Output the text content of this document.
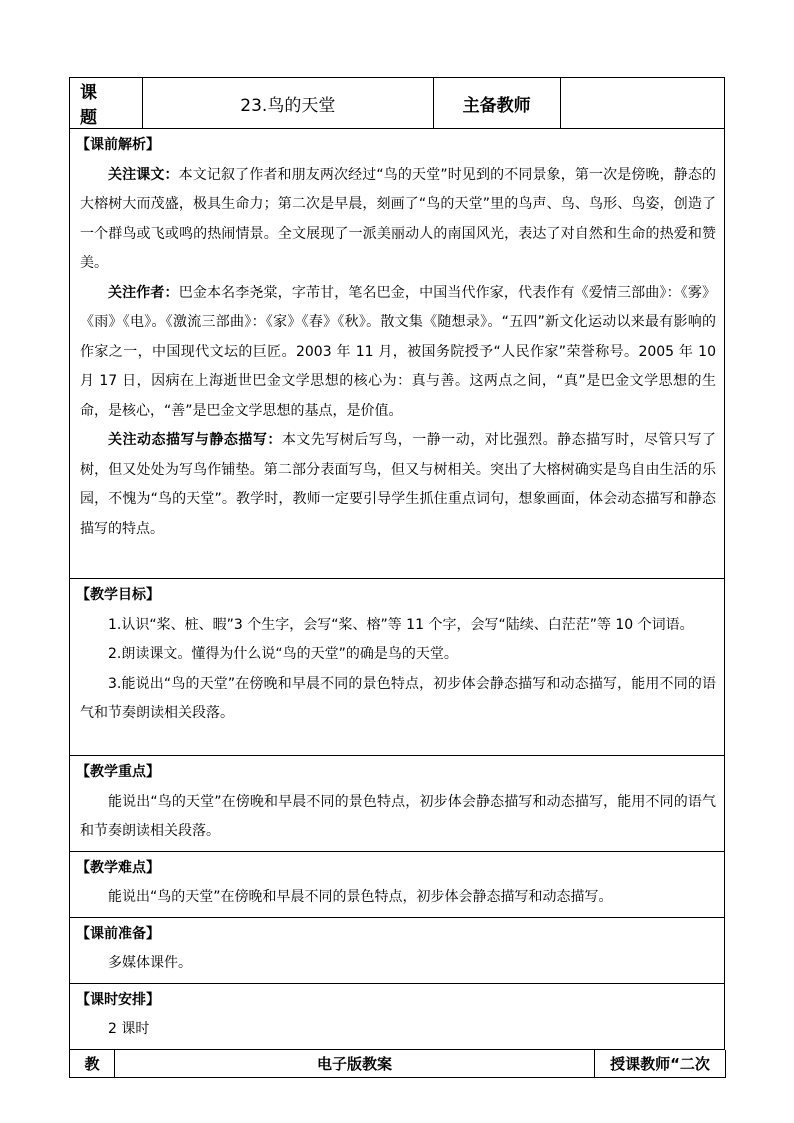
课 题	23.鸟的天堂	主备教师	

【课前解析】

关注课文：本文记叙了作者和朋友两次经过“鸟的天堂”时见到的不同景象，第一次是傍晚，静态的大榕树大而茂盛，极具生命力；第二次是早晨，刻画了“鸟的天堂”里的鸟声、鸟、鸟形、鸟姿，创造了一个群鸟或飞或鸣的热闹情景。全文展现了一派美丽动人的南国风光，表达了对自然和生命的热爱和赞美。

关注作者：巴金本名李尧棠，字芾甘，笔名巴金，中国当代作家，代表作有《爱情三部曲》：《雾》《雨》《电》。《激流三部曲》：《家》《春》《秋》。散文集《随想录》。“五四”新文化运动以来最有影响的作家之一，中国现代文坛的巨匠。2003 年 11 月，被国务院授予“人民作家”荣誉称号。2005 年 10 月 17 日，因病在上海逝世巴金文学思想的核心为：真与善。这两点之间，“真”是巴金文学思想的生命，是核心，“善”是巴金文学思想的基点，是价值。

关注动态描写与静态描写：本文先写树后写鸟，一静一动，对比强烈。静态描写时，尽管只写了树，但又处处为写鸟作铺垫。第二部分表面写鸟，但又与树相关。突出了大榕树确实是鸟自由生活的乐园，不愧为“鸟的天堂”。教学时，教师一定要引导学生抓住重点词句，想象画面，体会动态描写和静态描写的特点。

【教学目标】

1.认识“桨、桩、暇”3 个生字，会写“桨、榕”等 11 个字，会写“陆续、白茫茫”等 10 个词语。

2.朗读课文。懂得为什么说“鸟的天堂”的确是鸟的天堂。

3.能说出“鸟的天堂”在傍晚和早晨不同的景色特点，初步体会静态描写和动态描写，能用不同的语气和节奏朗读相关段落。

【教学重点】

能说出“鸟的天堂”在傍晚和早晨不同的景色特点，初步体会静态描写和动态描写，能用不同的语气和节奏朗读相关段落。

【教学难点】

能说出“鸟的天堂”在傍晚和早晨不同的景色特点，初步体会静态描写和动态描写。

【课前准备】

多媒体课件。

【课时安排】

2 课时

教	电子版教案	授课教师“二次
